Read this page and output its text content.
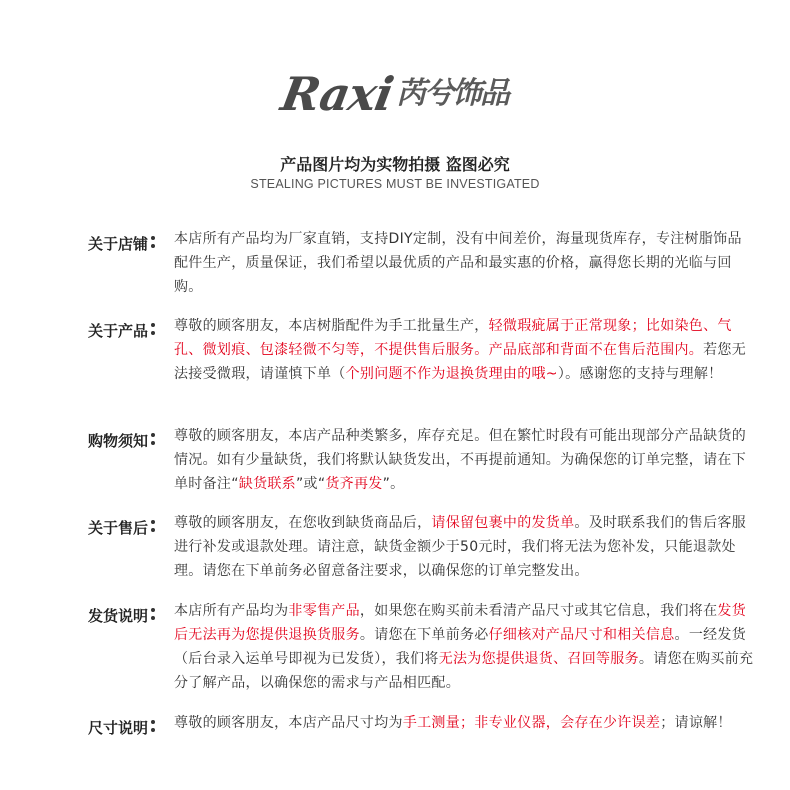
Raxi 芮兮饰品

产品图片均为实物拍摄 盗图必究

STEALING PICTURES MUST BE INVESTIGATED

关于店铺 本店所有产品均为厂家直销，支持DIY定制，没有中间差价，海量现货库存，专注树脂饰品配件生产，质量保证，我们希望以最优质的产品和最实惠的价格，赢得您长期的光临与回购。
关于产品 尊敬的顾客朋友，本店树脂配件为手工批量生产，轻微瑕疵属于正常现象；比如染色、气孔、微划痕、包漆轻微不匀等，不提供售后服务。产品底部和背面不在售后范围内。若您无法接受微瑕，请谨慎下单（个别问题不作为退换货理由的哦~）。感谢您的支持与理解！
购物须知 尊敬的顾客朋友，本店产品种类繁多，库存充足。但在繁忙时段有可能出现部分产品缺货的情况。如有少量缺货，我们将默认缺货发出，不再提前通知。为确保您的订单完整，请在下单时备注“缺货联系”或“货齐再发”。
关于售后 尊敬的顾客朋友，在您收到缺货商品后，请保留包裹中的发货单。及时联系我们的售后客服进行补发或退款处理。请注意，缺货金额少于50元时，我们将无法为您补发，只能退款处理。请您在下单前务必留意备注要求，以确保您的订单完整发出。
发货说明 本店所有产品均为非零售产品，如果您在购买前未看清产品尺寸或其它信息，我们将在发货后无法再为您提供退换货服务。请您在下单前务必仔细核对产品尺寸和相关信息。一经发货（后台录入运单号即视为已发货），我们将无法为您提供退货、召回等服务。请您在购买前充分了解产品，以确保您的需求与产品相匹配。
尺寸说明 尊敬的顾客朋友，本店产品尺寸均为手工测量；非专业仪器，会存在少许误差；请谅解！
